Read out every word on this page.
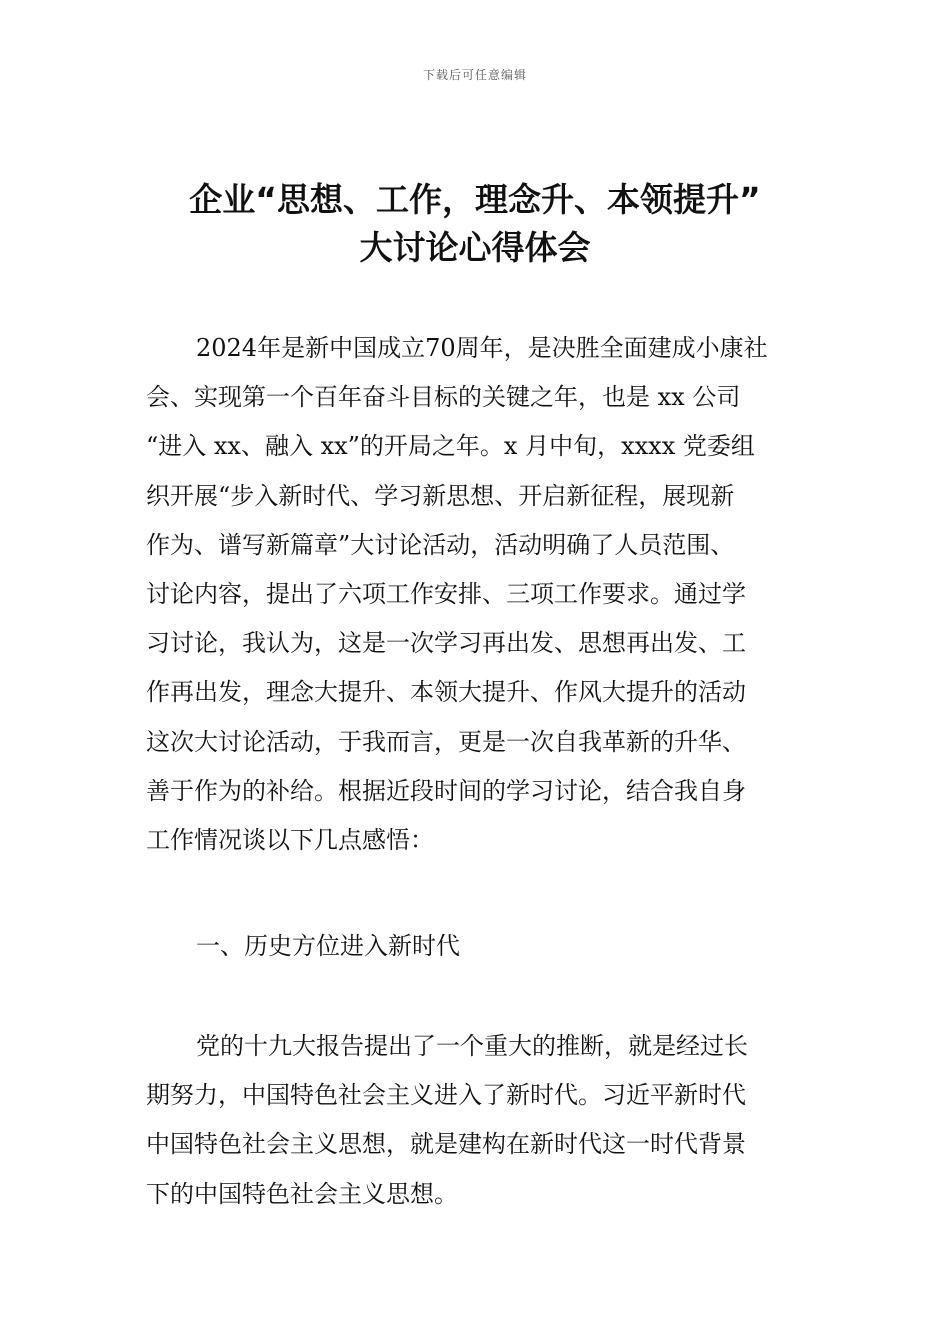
下载后可任意编辑
企业“思想、工作，理念升、本领提升”
大讨论心得体会
2024年是新中国成立70周年，是决胜全面建成小康社
会、实现第一个百年奋斗目标的关键之年，也是 xx 公司
“进入 xx、融入 xx”的开局之年。x 月中旬，xxxx 党委组
织开展“步入新时代、学习新思想、开启新征程，展现新
作为、谱写新篇章”大讨论活动，活动明确了人员范围、
讨论内容，提出了六项工作安排、三项工作要求。通过学
习讨论，我认为，这是一次学习再出发、思想再出发、工
作再出发，理念大提升、本领大提升、作风大提升的活动
这次大讨论活动，于我而言，更是一次自我革新的升华、
善于作为的补给。根据近段时间的学习讨论，结合我自身
工作情况谈以下几点感悟：
一、历史方位进入新时代
党的十九大报告提出了一个重大的推断，就是经过长
期努力，中国特色社会主义进入了新时代。习近平新时代
中国特色社会主义思想，就是建构在新时代这一时代背景
下的中国特色社会主义思想。
